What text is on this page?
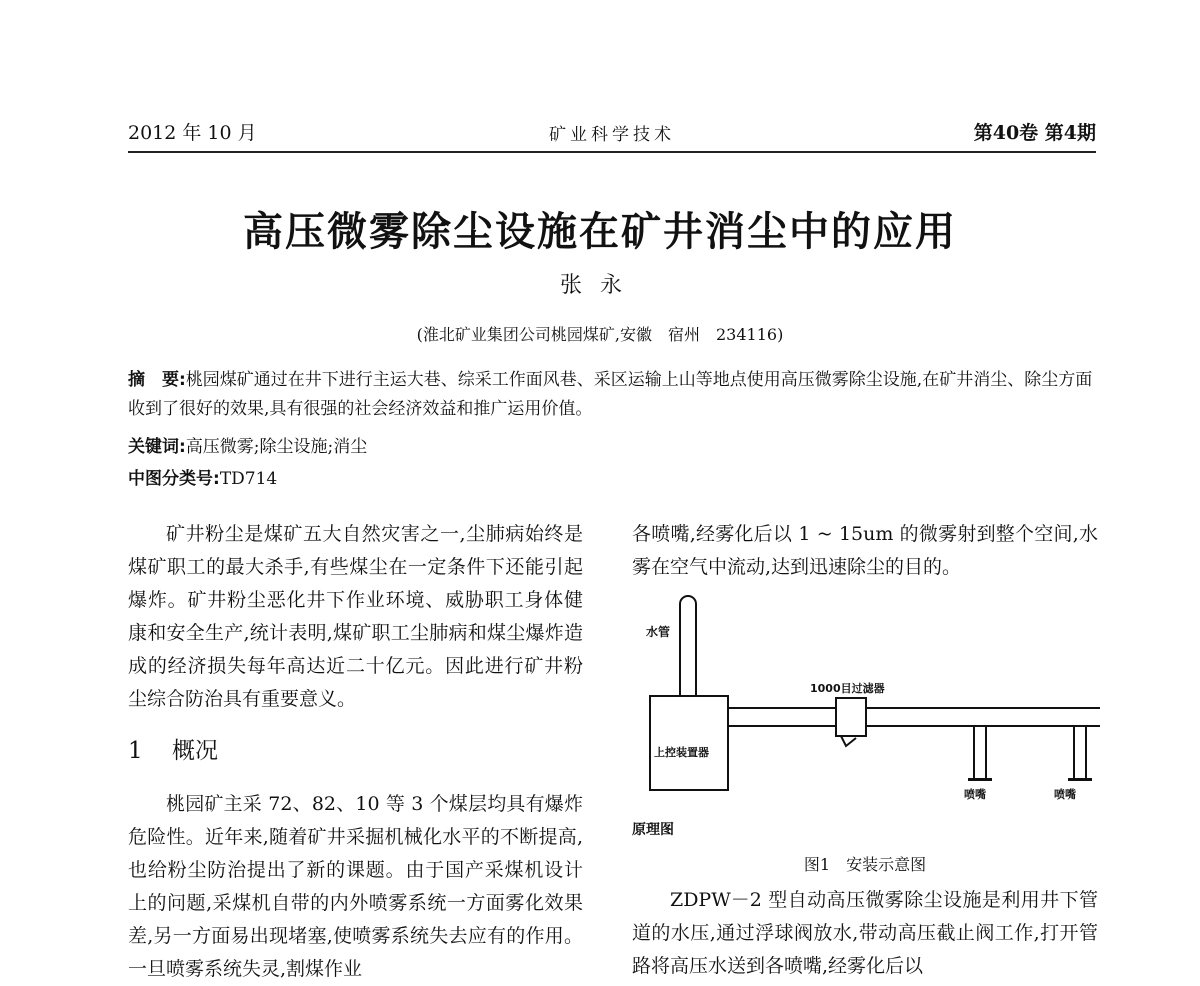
2012 年 10 月	矿业科学技术	第40卷 第4期
高压微雾除尘设施在矿井消尘中的应用
张永
(淮北矿业集团公司桃园煤矿,安徽　宿州　234116)
摘　要:桃园煤矿通过在井下进行主运大巷、综采工作面风巷、采区运输上山等地点使用高压微雾除尘设施,在矿井消尘、除尘方面收到了很好的效果,具有很强的社会经济效益和推广运用价值。
关键词:高压微雾;除尘设施;消尘
中图分类号:TD714

矿井粉尘是煤矿五大自然灾害之一,尘肺病始终是煤矿职工的最大杀手,有些煤尘在一定条件下还能引起爆炸。矿井粉尘恶化井下作业环境、威胁职工身体健康和安全生产,统计表明,煤矿职工尘肺病和煤尘爆炸造成的经济损失每年高达近二十亿元。因此进行矿井粉尘综合防治具有重要意义。

1 概况

桃园矿主采 72、82、10 等 3 个煤层均具有爆炸危险性。近年来,随着矿井采掘机械化水平的不断提高,也给粉尘防治提出了新的课题。由于国产采煤机设计上的问题,采煤机自带的内外喷雾系统一方面雾化效果差,另一方面易出现堵塞,使喷雾系统失去应有的作用。一旦喷雾系统失灵,割煤作业

各喷嘴,经雾化后以 1 ~ 15um 的微雾射到整个空间,水雾在空气中流动,达到迅速除尘的目的。

水管
1000目过滤器
上控装置器
喷嘴	喷嘴
原理图
图1　安装示意图

ZDPW－2 型自动高压微雾除尘设施是利用井下管道的水压,通过浮球阀放水,带动高压截止阀工作,打开管路将高压水送到各喷嘴,经雾化后以
